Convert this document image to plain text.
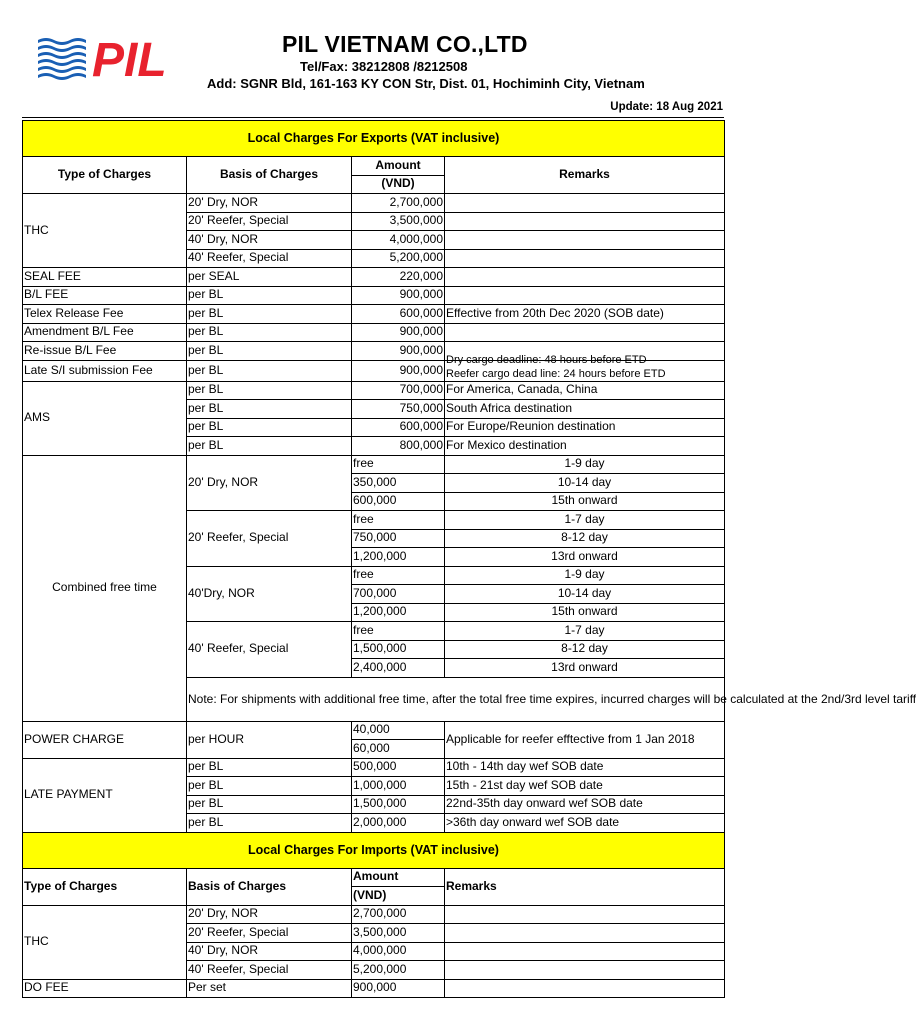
PIL	PIL VIETNAM CO.,LTD
Tel/Fax: 38212808 /8212508
Add: SGNR Bld, 161-163 KY CON Str, Dist. 01, Hochiminh City, Vietnam
Update: 18 Aug 2021
Local Charges For Exports (VAT inclusive)			
Type of Charges	Basis of Charges	Amount	Remarks
		(VND)	
THC	20' Dry, NOR	2,700,000	
	20' Reefer, Special	3,500,000	
	40' Dry, NOR	4,000,000	
	40' Reefer, Special	5,200,000	
SEAL FEE	per SEAL	220,000	
B/L FEE	per BL	900,000	
Telex Release Fee	per BL	600,000	Effective from 20th Dec 2020 (SOB date)
Amendment B/L Fee	per BL	900,000	
Re-issue B/L Fee	per BL	900,000	
Late S/I submission Fee	per BL	900,000	Dry cargo deadline: 48 hours before ETD
Reefer cargo dead line: 24 hours before ETD

AMS	per BL	700,000	For America, Canada, China
	per BL	750,000	South Africa destination
	per BL	600,000	For Europe/Reunion destination
	per BL	800,000	For Mexico destination
Combined free time	20' Dry, NOR	free	1-9 day
		350,000	10-14 day
		600,000	15th onward
	20' Reefer, Special	free	1-7 day
		750,000	8-12 day
		1,200,000	13rd onward
	40'Dry, NOR	free	1-9 day
		700,000	10-14 day
		1,200,000	15th onward
	40' Reefer, Special	free	1-7 day
		1,500,000	8-12 day
		2,400,000	13rd onward
	Note: For shipments with additional free time, after the total free time expires, incurred charges will be calculated at the 2nd/3rd level tariff		
POWER CHARGE	per HOUR	40,000	Applicable for reefer efftective from 1 Jan 2018
		60,000	
LATE PAYMENT	per BL	500,000	10th - 14th day wef SOB date
	per BL	1,000,000	15th - 21st day wef SOB date
	per BL	1,500,000	22nd-35th day onward wef SOB date
	per BL	2,000,000	>36th day onward wef SOB date
Local Charges For Imports (VAT inclusive)			
Type of Charges	Basis of Charges	Amount	Remarks
		(VND)	
THC	20' Dry, NOR	2,700,000	
	20' Reefer, Special	3,500,000	
	40' Dry, NOR	4,000,000	
	40' Reefer, Special	5,200,000	
DO FEE	Per set	900,000	
